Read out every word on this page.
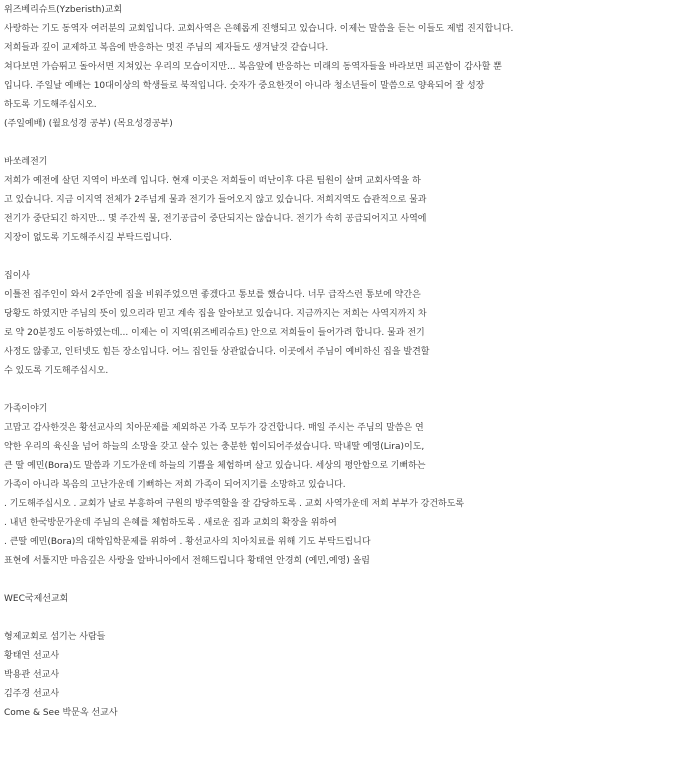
위즈베리슈트(Yzberisth)교회
사랑하는 기도 동역자 여러분의 교회입니다. 교회사역은 은혜롭게 진행되고 있습니다. 이제는 말씀을 듣는 이들도 제법 진지합니다.
저희들과 깊이 교제하고 복음에 반응하는 멋진 주님의 제자들도 생겨날것 같습니다.
쳐다보면 가슴뛰고 돌아서면 지쳐있는 우리의 모습이지만... 복음앞에 반응하는 미래의 동역자들을 바라보면 피곤함이 감사할 뿐
입니다. 주일날 예배는 10대이상의 학생들로 북적입니다. 숫자가 중요한것이 아니라 청소년들이 말씀으로 양육되어 잘 성장
하도록 기도해주십시오.
(주일예배) (월요성경 공부) (목요성경공부)
바쏘레전기
저희가 예전에 살던 지역이 바쏘레 입니다. 현재 이곳은 저희들이 떠난이후 다른 팀원이 살며 교회사역을 하
고 있습니다. 지금 이지역 전체가 2주넘게 물과 전기가 들어오지 않고 있습니다. 저희지역도 습관적으로 물과
전기가 중단되긴 하지만... 몇 주간씩 물, 전기공급이 중단되지는 않습니다. 전기가 속히 공급되어지고 사역에
지장이 없도록 기도해주시길 부탁드립니다.
집이사
이틀전 집주인이 와서 2주안에 집을 비워주었으면 좋겠다고 통보를 했습니다. 너무 급작스런 통보에 약간은
당황도 하였지만 주님의 뜻이 있으리라 믿고 계속 집을 알아보고 있습니다. 지금까지는 저희는 사역지까지 차
로 약 20분정도 이동하였는데... 이제는 이 지역(위즈베리슈트) 안으로 저희들이 들어가려 합니다. 물과 전기
사정도 않좋고, 인터넷도 힘든 장소입니다. 어느 집인들 상관없습니다. 이곳에서 주님이 예비하신 집을 발견할
수 있도록 기도해주십시오.
가족이야기
고맙고 감사한것은 황선교사의 치아문제를 제외하곤 가족 모두가 강건합니다. 매일 주시는 주님의 말씀은 연
약한 우리의 육신을 넘어 하늘의 소망을 갖고 살수 있는 충분한 힘이되어주셨습니다. 막내딸 예영(Lira)이도,
큰 딸 예민(Bora)도 말씀과 기도가운데 하늘의 기쁨을 체험하며 살고 있습니다. 세상의 평안함으로 기뻐하는
가족이 아니라 복음의 고난가운데 기뻐하는 저희 가족이 되어지기를 소망하고 있습니다.
. 기도해주십시오 . 교회가 날로 부흥하여 구원의 방주역할을 잘 감당하도록 . 교회 사역가운데 저희 부부가 강건하도록
. 내년 한국방문가운데 주님의 은혜를 체험하도록 . 새로운 집과 교회의 확장을 위하여
. 큰딸 예민(Bora)의 대학입학문제를 위하여 . 황선교사의 치아치료를 위해 기도 부탁드립니다
표현에 서툴지만 마음깊은 사랑을 알바니아에서 전해드립니다 황태연 안경희 (예민,예영) 올림
WEC국제선교회
형제교회로 섬기는 사람들
황태연 선교사
박용관 선교사
김주경 선교사
Come & See 박문옥 선교사
